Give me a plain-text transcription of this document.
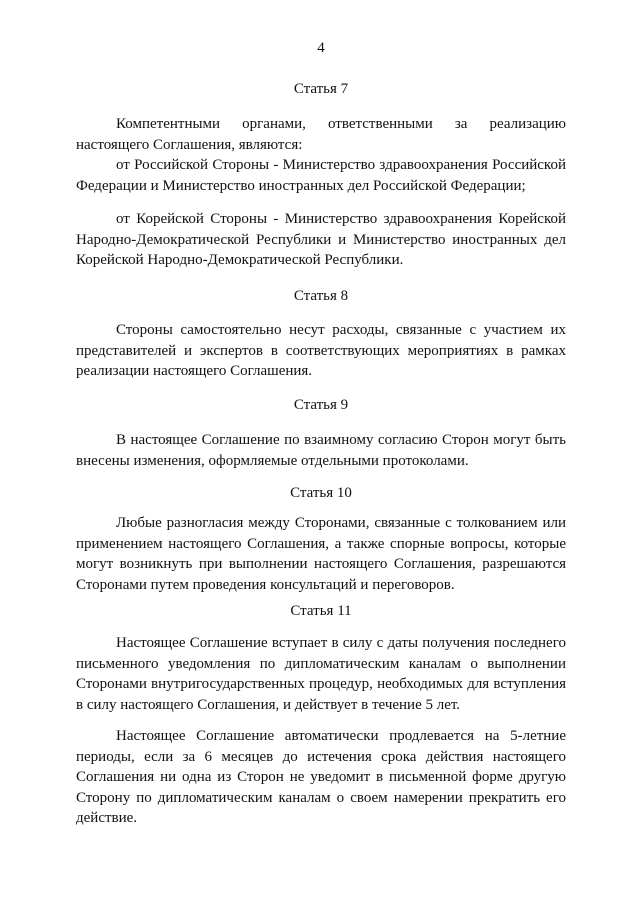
4
Статья 7

Компетентными органами, ответственными за реализацию настоящего Соглашения, являются:

от Российской Стороны - Министерство здравоохранения Российской Федерации и Министерство иностранных дел Российской Федерации;

от Корейской Стороны - Министерство здравоохранения Корейской Народно-Демократической Республики и Министерство иностранных дел Корейской Народно-Демократической Республики.

Статья 8

Стороны самостоятельно несут расходы, связанные с участием их представителей и экспертов в соответствующих мероприятиях в рамках реализации настоящего Соглашения.

Статья 9

В настоящее Соглашение по взаимному согласию Сторон могут быть внесены изменения, оформляемые отдельными протоколами.

Статья 10

Любые разногласия между Сторонами, связанные с толкованием или применением настоящего Соглашения, а также спорные вопросы, которые могут возникнуть при выполнении настоящего Соглашения, разрешаются Сторонами путем проведения консультаций и переговоров.

Статья 11

Настоящее Соглашение вступает в силу с даты получения последнего письменного уведомления по дипломатическим каналам о выполнении Сторонами внутригосударственных процедур, необходимых для вступления в силу настоящего Соглашения, и действует в течение 5 лет.

Настоящее Соглашение автоматически продлевается на 5-летние периоды, если за 6 месяцев до истечения срока действия настоящего Соглашения ни одна из Сторон не уведомит в письменной форме другую Сторону по дипломатическим каналам о своем намерении прекратить его действие.
